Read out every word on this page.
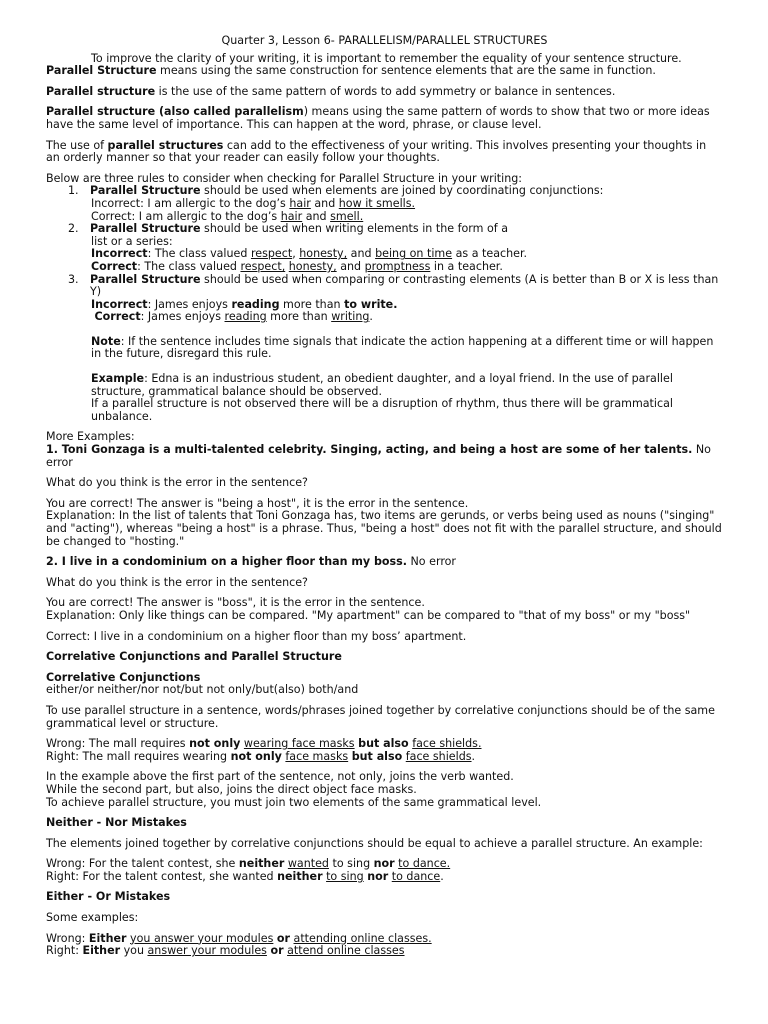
Quarter 3, Lesson 6- PARALLELISM/PARALLEL STRUCTURES

To improve the clarity of your writing, it is important to remember the equality of your sentence structure.

Parallel Structure means using the same construction for sentence elements that are the same in function.

Parallel structure is the use of the same pattern of words to add symmetry or balance in sentences.

Parallel structure (also called parallelism) means using the same pattern of words to show that two or more ideas have the same level of importance. This can happen at the word, phrase, or clause level.

The use of parallel structures can add to the effectiveness of your writing. This involves presenting your thoughts in an orderly manner so that your reader can easily follow your thoughts.

Below are three rules to consider when checking for Parallel Structure in your writing:

1.	Parallel Structure should be used when elements are joined by coordinating conjunctions:

Incorrect: I am allergic to the dog’s hair and how it smells.

Correct: I am allergic to the dog’s hair and smell.

2.	Parallel Structure should be used when writing elements in the form of a

list or a series:

Incorrect: The class valued respect, honesty, and being on time as a teacher.

Correct: The class valued respect, honesty, and promptness in a teacher.

3.	Parallel Structure should be used when comparing or contrasting elements (A is better than B or X is less than Y)

Incorrect: James enjoys reading more than to write.

Correct: James enjoys reading more than writing.

Note: If the sentence includes time signals that indicate the action happening at a different time or will happen in the future, disregard this rule.

Example: Edna is an industrious student, an obedient daughter, and a loyal friend. In the use of parallel structure, grammatical balance should be observed.

If a parallel structure is not observed there will be a disruption of rhythm, thus there will be grammatical unbalance.

More Examples:

1. Toni Gonzaga is a multi-talented celebrity. Singing, acting, and being a host are some of her talents. No error

What do you think is the error in the sentence?

You are correct! The answer is "being a host", it is the error in the sentence.

Explanation: In the list of talents that Toni Gonzaga has, two items are gerunds, or verbs being used as nouns ("singing" and "acting"), whereas "being a host" is a phrase. Thus, "being a host" does not fit with the parallel structure, and should be changed to "hosting."

2. I live in a condominium on a higher floor than my boss. No error

What do you think is the error in the sentence?

You are correct! The answer is "boss", it is the error in the sentence.

Explanation: Only like things can be compared. "My apartment" can be compared to "that of my boss" or my "boss"

Correct: I live in a condominium on a higher floor than my boss’ apartment.

Correlative Conjunctions and Parallel Structure

Correlative Conjunctions

either/or neither/nor not/but not only/but(also) both/and

To use parallel structure in a sentence, words/phrases joined together by correlative conjunctions should be of the same grammatical level or structure.

Wrong: The mall requires not only wearing face masks but also face shields.

Right: The mall requires wearing not only face masks but also face shields.

In the example above the first part of the sentence, not only, joins the verb wanted.

While the second part, but also, joins the direct object face masks.

To achieve parallel structure, you must join two elements of the same grammatical level.

Neither - Nor Mistakes

The elements joined together by correlative conjunctions should be equal to achieve a parallel structure. An example:

Wrong: For the talent contest, she neither wanted to sing nor to dance.

Right: For the talent contest, she wanted neither to sing nor to dance.

Either - Or Mistakes

Some examples:

Wrong: Either you answer your modules or attending online classes.

Right: Either you answer your modules or attend online classes
